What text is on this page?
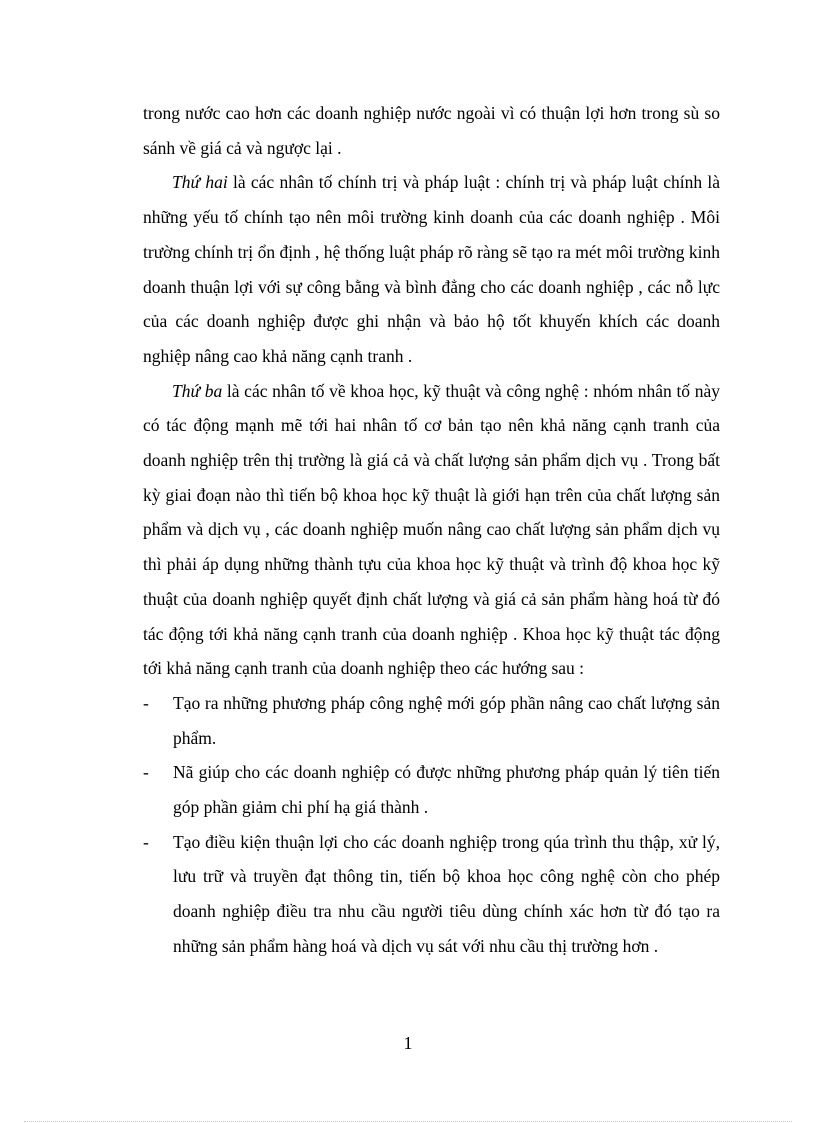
trong nước cao hơn các doanh nghiệp nước ngoài vì có thuận lợi hơn trong sù so sánh về giá cả và ngược lại .

Thứ hai là các nhân tố chính trị và pháp luật : chính trị và pháp luật chính là những yếu tố chính tạo nên môi trường kinh doanh của các doanh nghiệp . Môi trường chính trị ổn định , hệ thống luật pháp rõ ràng sẽ tạo ra mét môi trường kinh doanh thuận lợi với sự công bằng và bình đẳng cho các doanh nghiệp , các nỗ lực của các doanh nghiệp được ghi nhận và bảo hộ tốt khuyến khích các doanh nghiệp nâng cao khả năng cạnh tranh .

Thứ ba là các nhân tố về khoa học, kỹ thuật và công nghệ : nhóm nhân tố này có tác động mạnh mẽ tới hai nhân tố cơ bản tạo nên khả năng cạnh tranh của doanh nghiệp trên thị trường là giá cả và chất lượng sản phẩm dịch vụ . Trong bất kỳ giai đoạn nào thì tiến bộ khoa học kỹ thuật là giới hạn trên của chất lượng sản phẩm và dịch vụ , các doanh nghiệp muốn nâng cao chất lượng sản phẩm dịch vụ thì phải áp dụng những thành tựu của khoa học kỹ thuật và trình độ khoa học kỹ thuật của doanh nghiệp quyết định chất lượng và giá cả sản phẩm hàng hoá từ đó tác động tới khả năng cạnh tranh của doanh nghiệp . Khoa học kỹ thuật tác động tới khả năng cạnh tranh của doanh nghiệp theo các hướng sau :

- Tạo ra những phương pháp công nghệ mới góp phần nâng cao chất lượng sản phẩm.
- Nã giúp cho các doanh nghiệp có được những phương pháp quản lý tiên tiến góp phần giảm chi phí hạ giá thành .
- Tạo điều kiện thuận lợi cho các doanh nghiệp trong qúa trình thu thập, xử lý, lưu trữ và truyền đạt thông tin, tiến bộ khoa học công nghệ còn cho phép doanh nghiệp điều tra nhu cầu người tiêu dùng chính xác hơn từ đó tạo ra những sản phẩm hàng hoá và dịch vụ sát với nhu cầu thị trường hơn .
1
